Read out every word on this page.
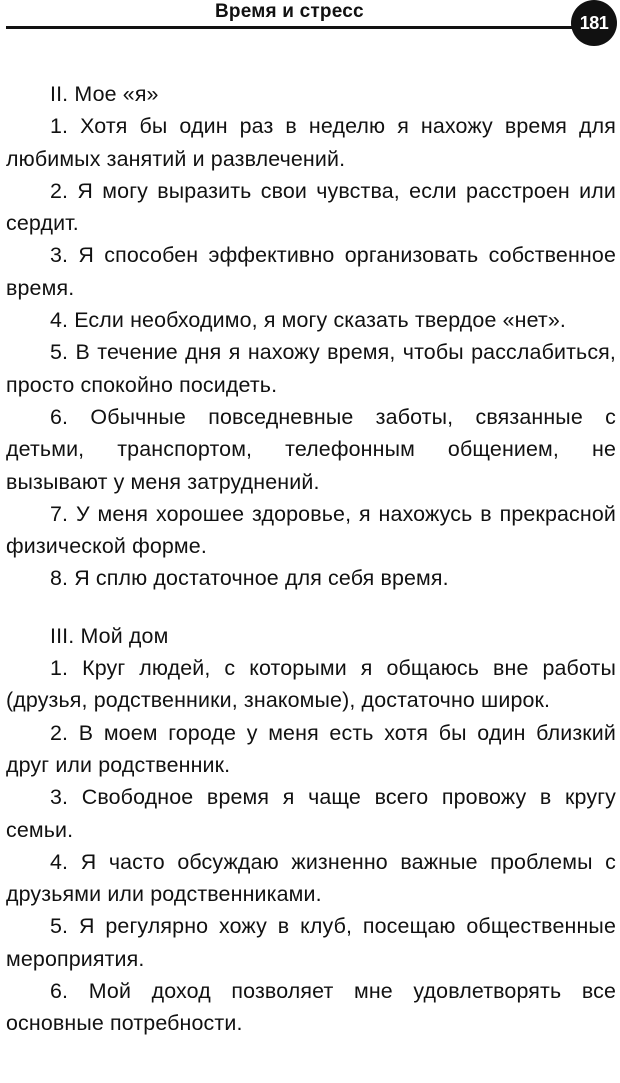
Время и стресс
181

II. Мое «я»

1. Хотя бы один раз в неделю я нахожу время для любимых занятий и развлечений.

2. Я могу выразить свои чувства, если расстроен или сердит.

3. Я способен эффективно организовать собственное время.

4. Если необходимо, я могу сказать твердое «нет».

5. В течение дня я нахожу время, чтобы расслабиться, просто спокойно посидеть.

6. Обычные повседневные заботы, связанные с детьми, транспортом, телефонным общением, не вызывают у меня затруднений.

7. У меня хорошее здоровье, я нахожусь в прекрасной физической форме.

8. Я сплю достаточное для себя время.

III. Мой дом

1. Круг людей, с которыми я общаюсь вне работы (друзья, родственники, знакомые), достаточно широк.

2. В моем городе у меня есть хотя бы один близкий друг или родственник.

3. Свободное время я чаще всего провожу в кругу семьи.

4. Я часто обсуждаю жизненно важные проблемы с друзьями или родственниками.

5. Я регулярно хожу в клуб, посещаю общественные мероприятия.

6. Мой доход позволяет мне удовлетворять все основные потребности.
